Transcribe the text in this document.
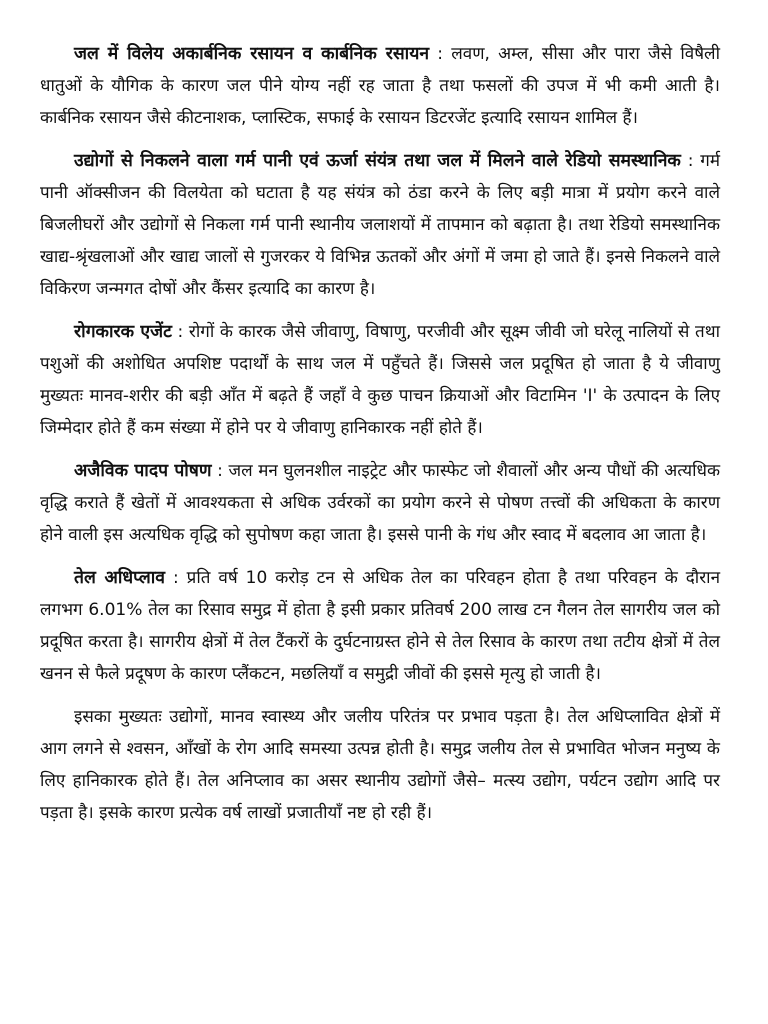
जल में विलेय अकार्बनिक रसायन व कार्बनिक रसायन : लवण, अम्ल, सीसा और पारा जैसे विषैली धातुओं के यौगिक के कारण जल पीने योग्य नहीं रह जाता है तथा फसलों की उपज में भी कमी आती है। कार्बनिक रसायन जैसे कीटनाशक, प्लास्टिक, सफाई के रसायन डिटरजेंट इत्यादि रसायन शामिल हैं।

उद्योगों से निकलने वाला गर्म पानी एवं ऊर्जा संयंत्र तथा जल में मिलने वाले रेडियो समस्थानिक : गर्म पानी ऑक्सीजन की विलयेता को घटाता है यह संयंत्र को ठंडा करने के लिए बड़ी मात्रा में प्रयोग करने वाले बिजलीघरों और उद्योगों से निकला गर्म पानी स्थानीय जलाशयों में तापमान को बढ़ाता है। तथा रेडियो समस्थानिक खाद्य-श्रृंखलाओं और खाद्य जालों से गुजरकर ये विभिन्न ऊतकों और अंगों में जमा हो जाते हैं। इनसे निकलने वाले विकिरण जन्मगत दोषों और कैंसर इत्यादि का कारण है।

रोगकारक एजेंट : रोगों के कारक जैसे जीवाणु, विषाणु, परजीवी और सूक्ष्म जीवी जो घरेलू नालियों से तथा पशुओं की अशोधित अपशिष्ट पदार्थों के साथ जल में पहुँचते हैं। जिससे जल प्रदूषित हो जाता है ये जीवाणु मुख्यतः मानव-शरीर की बड़ी आँत में बढ़ते हैं जहाँ वे कुछ पाचन क्रियाओं और विटामिन 'I' के उत्पादन के लिए जिम्मेदार होते हैं कम संख्या में होने पर ये जीवाणु हानिकारक नहीं होते हैं।

अजैविक पादप पोषण : जल मन घुलनशील नाइट्रेट और फास्फेट जो शैवालों और अन्य पौधों की अत्यधिक वृद्धि कराते हैं खेतों में आवश्यकता से अधिक उर्वरकों का प्रयोग करने से पोषण तत्त्वों की अधिकता के कारण होने वाली इस अत्यधिक वृद्धि को सुपोषण कहा जाता है। इससे पानी के गंध और स्वाद में बदलाव आ जाता है।

तेल अधिप्लाव : प्रति वर्ष 10 करोड़ टन से अधिक तेल का परिवहन होता है तथा परिवहन के दौरान लगभग 6.01% तेल का रिसाव समुद्र में होता है इसी प्रकार प्रतिवर्ष 200 लाख टन गैलन तेल सागरीय जल को प्रदूषित करता है। सागरीय क्षेत्रों में तेल टैंकरों के दुर्घटनाग्रस्त होने से तेल रिसाव के कारण तथा तटीय क्षेत्रों में तेल खनन से फैले प्रदूषण के कारण प्लैंकटन, मछलियाँ व समुद्री जीवों की इससे मृत्यु हो जाती है।

इसका मुख्यतः उद्योगों, मानव स्वास्थ्य और जलीय परितंत्र पर प्रभाव पड़ता है। तेल अधिप्लावित क्षेत्रों में आग लगने से श्वसन, आँखों के रोग आदि समस्या उत्पन्न होती है। समुद्र जलीय तेल से प्रभावित भोजन मनुष्य के लिए हानिकारक होते हैं। तेल अनिप्लाव का असर स्थानीय उद्योगों जैसे– मत्स्य उद्योग, पर्यटन उद्योग आदि पर पड़ता है। इसके कारण प्रत्येक वर्ष लाखों प्रजातीयाँ नष्ट हो रही हैं।
